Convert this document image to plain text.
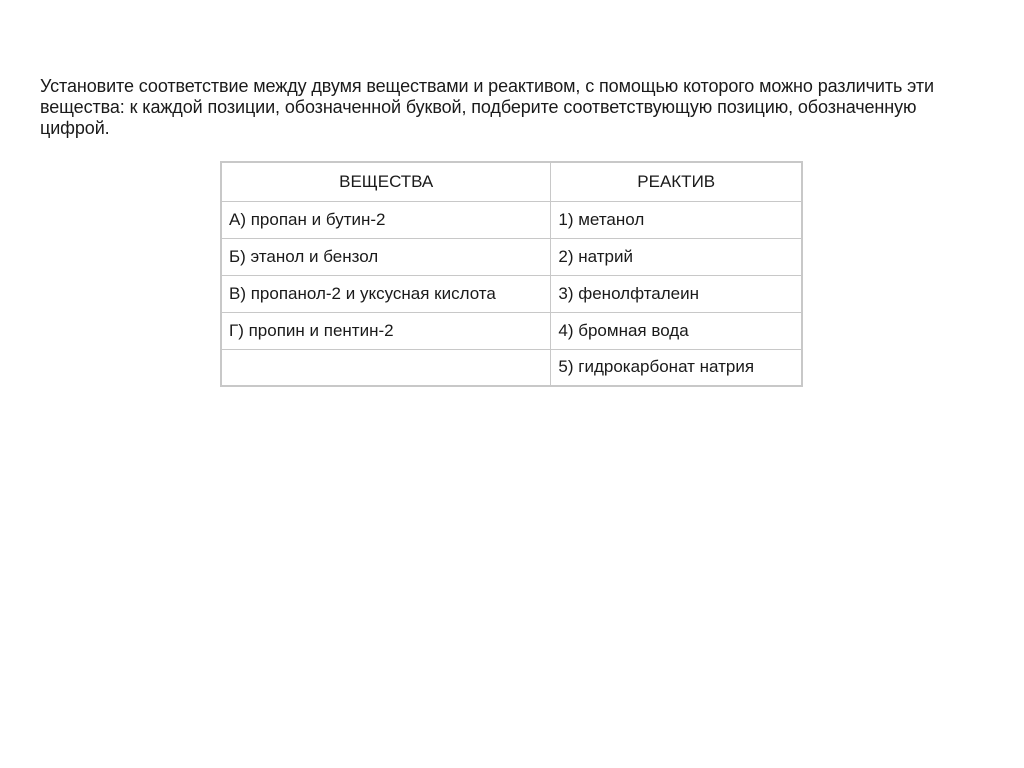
Установите соответствие между двумя веществами и реактивом, с помощью которого можно различить эти вещества: к каждой позиции, обозначенной буквой, подберите соответствующую позицию, обозначенную цифрой.

ВЕЩЕСТВА	РЕАКТИВ
А) пропан и бутин-2	1) метанол
Б) этанол и бензол	2) натрий
В) пропанол-2 и уксусная кислота	3) фенолфталеин
Г) пропин и пентин-2	4) бромная вода
	5) гидрокарбонат натрия
